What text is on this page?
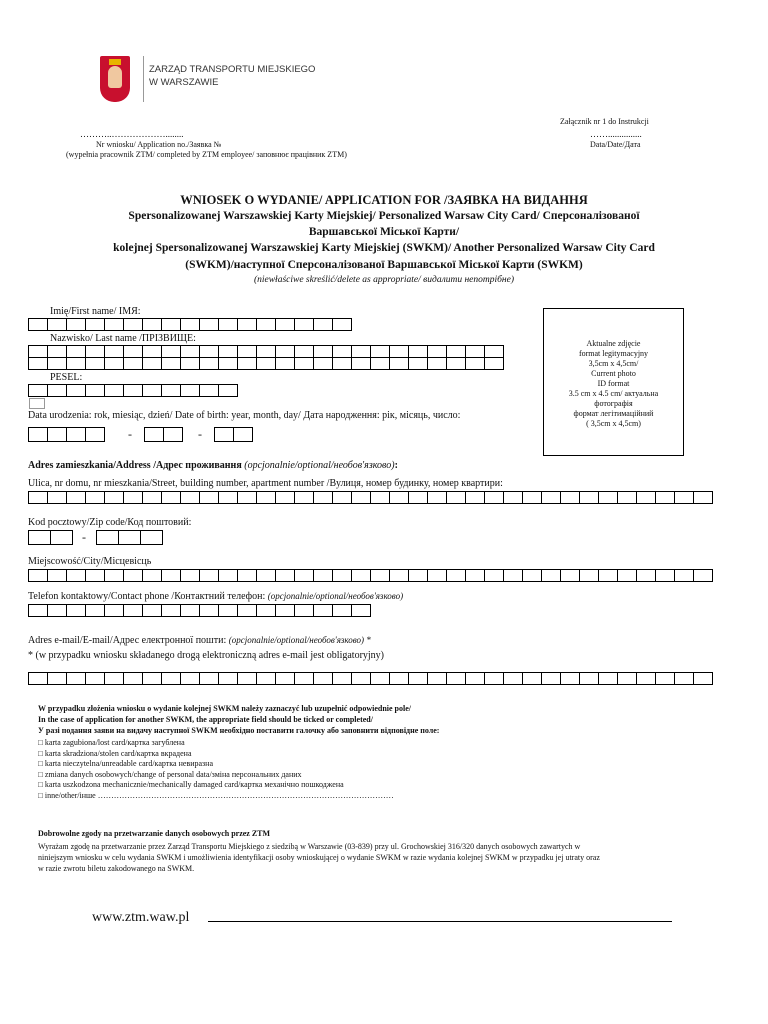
ZARZĄD TRANSPORTU MIEJSKIEGO
W WARSZAWIE
Załącznik nr 1 do Instrukcji
………..………………........	……...............
Nr wniosku/ Application no./Заявка №	Data/Date/Дата
(wypełnia pracownik ZTM/ completed by ZTM employee/ заповнює працівник ZTM)
WNIOSEK O WYDANIE/ APPLICATION FOR /ЗАЯВКА НА ВИДАННЯ
Spersonalizowanej Warszawskiej Karty Miejskiej/ Personalized Warsaw City Card/ Сперсоналізованої
Варшавської Міської Карти/
kolejnej Spersonalizowanej Warszawskiej Karty Miejskiej (SWKM)/ Another Personalized Warsaw City Card
(SWKM)/наступної Сперсоналізованої Варшавської Міської Карти (SWKM)
(niewłaściwe skreślić/delete as appropriate/ видалити непотрібне)
Imię/First name/ ІМЯ:
Nazwisko/ Last name /ПРІЗВИЩЕ:
PESEL:
Data urodzenia: rok, miesiąc, dzień/ Date of birth: year, month, day/ Дата народження: рік, місяць, число:
-	-
Aktualne zdjęcie
format legitymacyjny
3,5cm x 4,5cm/
Current photo
ID format
3.5 cm x 4.5 cm/ актуальна
фотографія
формат легітимаційний
( 3,5cm x 4,5cm)
Adres zamieszkania/Address /Адрес проживання (opcjonalnie/optional/необов'язково):
Ulica, nr domu, nr mieszkania/Street, building number, apartment number /Вулиця, номер будинку, номер квартири:
Kod pocztowy/Zip code/Код поштовий:
-
Miejscowość/City/Місцевісць
Telefon kontaktowy/Contact phone /Контактний телефон: (opcjonalnie/optional/необов'язково)
Adres e-mail/E-mail/Адрес електронної пошти: (opcjonalnie/optional/необов'язково) *
* (w przypadku wniosku składanego drogą elektroniczną adres e-mail jest obligatoryjny)
W przypadku złożenia wniosku o wydanie kolejnej SWKM należy zaznaczyć lub uzupełnić odpowiednie pole/
In the case of application for another SWKM, the appropriate field should be ticked or completed/
У разі подання заяви на видачу наступної SWKM необхідно поставити галочку або заповнити відповідне поле:
□ karta zagubiona/lost card/картка загублена
□ karta skradziona/stolen card/картка вкрадена
□ karta nieczytelna/unreadable card/картка невиразна
□ zmiana danych osobowych/change of personal data/зміна персональних даних
□ karta uszkodzona mechanicznie/mechanically damaged card/картка механічно пошкоджена
□ inne/other/інше …………………………………………………………………………………………………
Dobrowolne zgody na przetwarzanie danych osobowych przez ZTM
Wyrażam zgodę na przetwarzanie przez Zarząd Transportu Miejskiego z siedzibą w Warszawie (03-839) przy ul. Grochowskiej 316/320 danych osobowych zawartych w
niniejszym wniosku w celu wydania SWKM i umożliwienia identyfikacji osoby wnioskującej o wydanie SWKM w razie wydania kolejnej SWKM w przypadku jej utraty oraz
w razie zwrotu biletu zakodowanego na SWKM.
www.ztm.waw.pl
